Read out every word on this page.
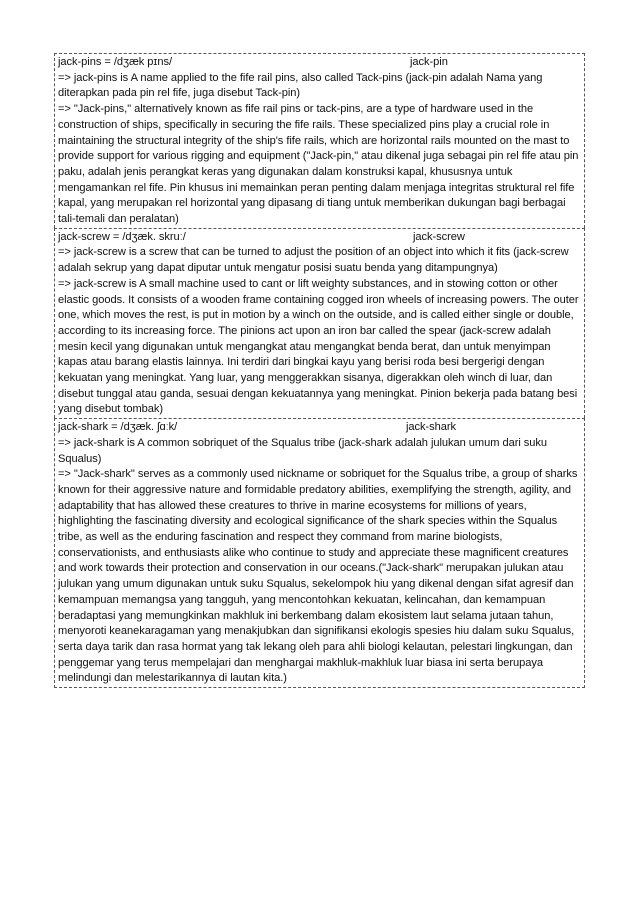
jack-pins = /dʒæk pɪns/	jack-pin

=> jack-pins is A name applied to the fife rail pins, also called Tack-pins (jack-pin adalah Nama yang diterapkan pada pin rel fife, juga disebut Tack-pin)

=> "Jack-pins," alternatively known as fife rail pins or tack-pins, are a type of hardware used in the construction of ships, specifically in securing the fife rails. These specialized pins play a crucial role in maintaining the structural integrity of the ship's fife rails, which are horizontal rails mounted on the mast to provide support for various rigging and equipment ("Jack-pin," atau dikenal juga sebagai pin rel fife atau pin paku, adalah jenis perangkat keras yang digunakan dalam konstruksi kapal, khususnya untuk mengamankan rel fife. Pin khusus ini memainkan peran penting dalam menjaga integritas struktural rel fife kapal, yang merupakan rel horizontal yang dipasang di tiang untuk memberikan dukungan bagi berbagai tali-temali dan peralatan)

jack-screw = /dʒæk. skruː/	jack-screw

=> jack-screw is a screw that can be turned to adjust the position of an object into which it fits (jack-screw adalah sekrup yang dapat diputar untuk mengatur posisi suatu benda yang ditampungnya)

=> jack-screw is A small machine used to cant or lift weighty substances, and in stowing cotton or other elastic goods. It consists of a wooden frame containing cogged iron wheels of increasing powers. The outer one, which moves the rest, is put in motion by a winch on the outside, and is called either single or double, according to its increasing force. The pinions act upon an iron bar called the spear (jack-screw adalah mesin kecil yang digunakan untuk mengangkat atau mengangkat benda berat, dan untuk menyimpan kapas atau barang elastis lainnya. Ini terdiri dari bingkai kayu yang berisi roda besi bergerigi dengan kekuatan yang meningkat. Yang luar, yang menggerakkan sisanya, digerakkan oleh winch di luar, dan disebut tunggal atau ganda, sesuai dengan kekuatannya yang meningkat. Pinion bekerja pada batang besi yang disebut tombak)

jack-shark = /dʒæk. ʃɑːk/	jack-shark

=> jack-shark is A common sobriquet of the Squalus tribe (jack-shark adalah julukan umum dari suku Squalus)

=> "Jack-shark" serves as a commonly used nickname or sobriquet for the Squalus tribe, a group of sharks known for their aggressive nature and formidable predatory abilities, exemplifying the strength, agility, and adaptability that has allowed these creatures to thrive in marine ecosystems for millions of years, highlighting the fascinating diversity and ecological significance of the shark species within the Squalus tribe, as well as the enduring fascination and respect they command from marine biologists, conservationists, and enthusiasts alike who continue to study and appreciate these magnificent creatures and work towards their protection and conservation in our oceans.("Jack-shark" merupakan julukan atau julukan yang umum digunakan untuk suku Squalus, sekelompok hiu yang dikenal dengan sifat agresif dan kemampuan memangsa yang tangguh, yang mencontohkan kekuatan, kelincahan, dan kemampuan beradaptasi yang memungkinkan makhluk ini berkembang dalam ekosistem laut selama jutaan tahun, menyoroti keanekaragaman yang menakjubkan dan signifikansi ekologis spesies hiu dalam suku Squalus, serta daya tarik dan rasa hormat yang tak lekang oleh para ahli biologi kelautan, pelestari lingkungan, dan penggemar yang terus mempelajari dan menghargai makhluk-makhluk luar biasa ini serta berupaya melindungi dan melestarikannya di lautan kita.)
